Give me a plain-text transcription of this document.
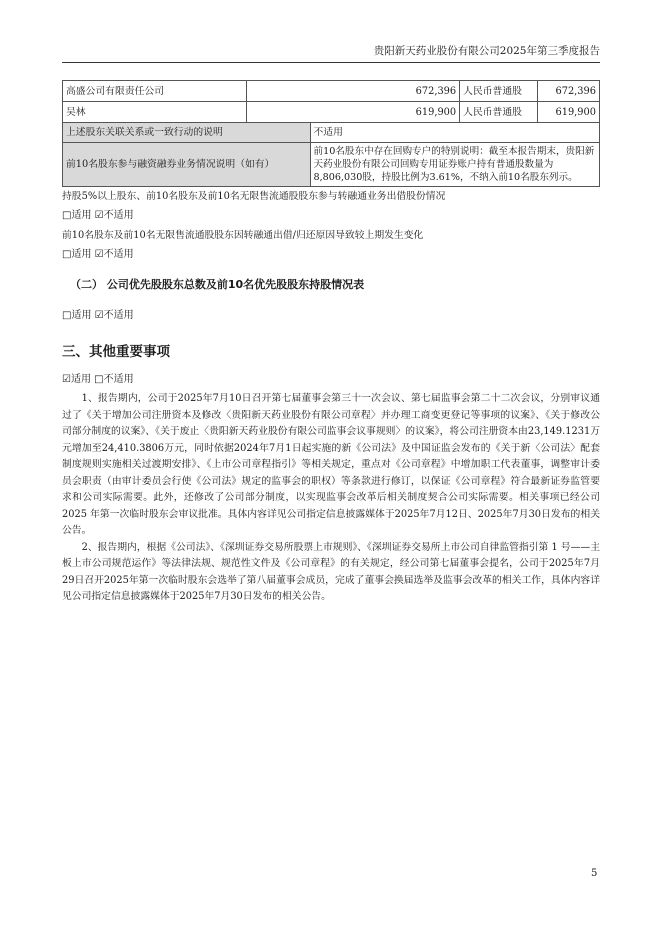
贵阳新天药业股份有限公司2025年第三季度报告
高盛公司有限责任公司	672,396	人民币普通股	672,396
吴林	619,900	人民币普通股	619,900
上述股东关联关系或一致行动的说明	不适用
前10名股东参与融资融券业务情况说明（如有）	前10名股东中存在回购专户的特别说明：截至本报告期末，贵阳新天药业股份有限公司回购专用证券账户持有普通股数量为8,806,030股，持股比例为3.61%，不纳入前10名股东列示。
持股5%以上股东、前10名股东及前10名无限售流通股股东参与转融通业务出借股份情况
□适用 ☑不适用
前10名股东及前10名无限售流通股股东因转融通出借/归还原因导致较上期发生变化
□适用 ☑不适用
（二） 公司优先股股东总数及前10名优先股股东持股情况表
□适用 ☑不适用
三、其他重要事项
☑适用 □不适用

1、报告期内，公司于2025年7月10日召开第七届董事会第三十一次会议、第七届监事会第二十二次会议，分别审议通过了《关于增加公司注册资本及修改〈贵阳新天药业股份有限公司章程〉并办理工商变更登记等事项的议案》、《关于修改公司部分制度的议案》、《关于废止〈贵阳新天药业股份有限公司监事会议事规则〉的议案》，将公司注册资本由23,149.1231万元增加至24,410.3806万元，同时依据2024年7月1日起实施的新《公司法》及中国证监会发布的《关于新〈公司法〉配套制度规则实施相关过渡期安排》、《上市公司章程指引》等相关规定，重点对《公司章程》中增加职工代表董事，调整审计委员会职责（由审计委员会行使《公司法》规定的监事会的职权）等条款进行修订，以保证《公司章程》符合最新证券监管要求和公司实际需要。此外，还修改了公司部分制度，以实现监事会改革后相关制度契合公司实际需要。相关事项已经公司 2025 年第一次临时股东会审议批准。具体内容详见公司指定信息披露媒体于2025年7月12日、2025年7月30日发布的相关公告。

2、报告期内，根据《公司法》、《深圳证券交易所股票上市规则》、《深圳证券交易所上市公司自律监管指引第 1 号——主板上市公司规范运作》等法律法规、规范性文件及《公司章程》的有关规定，经公司第七届董事会提名，公司于2025年7月29日召开2025年第一次临时股东会选举了第八届董事会成员，完成了董事会换届选举及监事会改革的相关工作，具体内容详见公司指定信息披露媒体于2025年7月30日发布的相关公告。

5
